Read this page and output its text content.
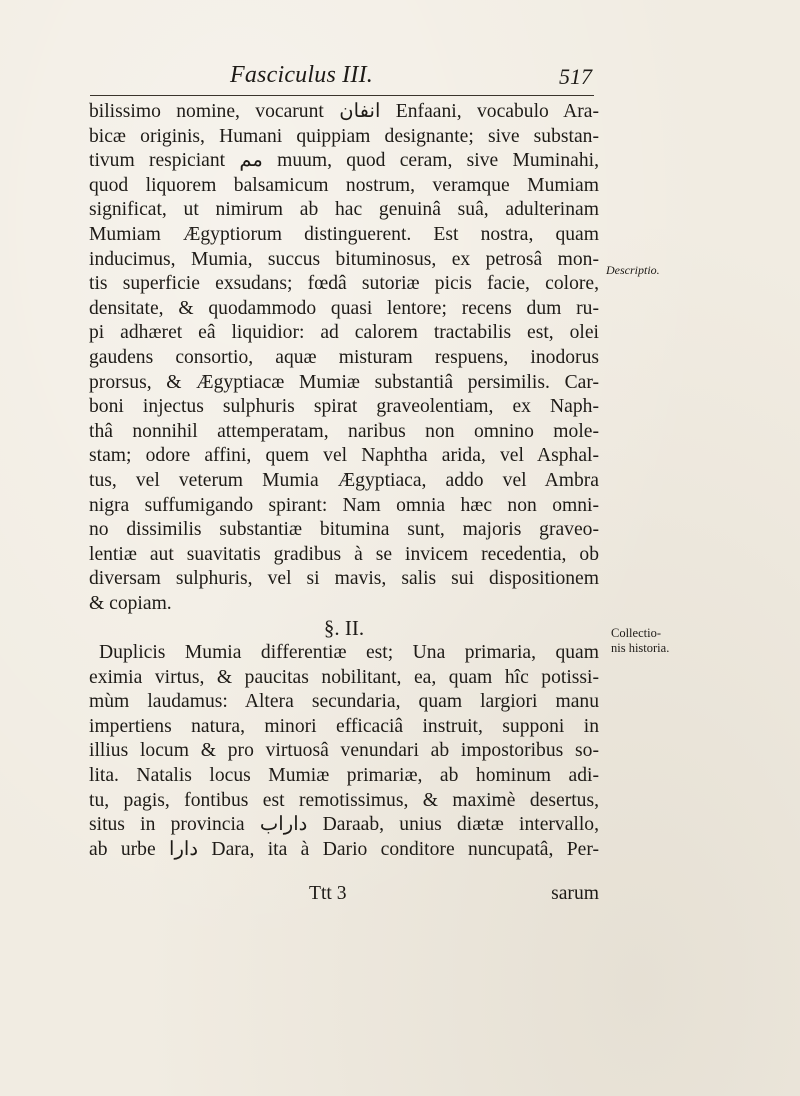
Fasciculus III.	517
bilissimo nomine, vocarunt انفان Enfaani, vocabulo Ara-
bicæ originis, Humani quippiam designante; sive substan-
tivum respiciant مم muum, quod ceram, sive Muminahi,
quod liquorem balsamicum nostrum, veramque Mumiam
significat, ut nimirum ab hac genuinâ suâ, adulterinam
Mumiam Ægyptiorum distinguerent. Est nostra, quam
inducimus, Mumia, succus bituminosus, ex petrosâ mon-
tis superficie exsudans; fœdâ sutoriæ picis facie, colore,
densitate, & quodammodo quasi lentore; recens dum ru-
pi adhæret eâ liquidior: ad calorem tractabilis est, olei
gaudens consortio, aquæ misturam respuens, inodorus
prorsus, & Ægyptiacæ Mumiæ substantiâ persimilis. Car-
boni injectus sulphuris spirat graveolentiam, ex Naph-
thâ nonnihil attemperatam, naribus non omnino mole-
stam; odore affini, quem vel Naphtha arida, vel Asphal-
tus, vel veterum Mumia Ægyptiaca, addo vel Ambra
nigra suffumigando spirant: Nam omnia hæc non omni-
no dissimilis substantiæ bitumina sunt, majoris graveo-
lentiæ aut suavitatis gradibus à se invicem recedentia, ob
diversam sulphuris, vel si mavis, salis sui dispositionem
& copiam.
§. II.
Duplicis Mumia differentiæ est; Una primaria, quam
eximia virtus, & paucitas nobilitant, ea, quam hîc potissi-
mùm laudamus: Altera secundaria, quam largiori manu
impertiens natura, minori efficaciâ instruit, supponi in
illius locum & pro virtuosâ venundari ab impostoribus so-
lita. Natalis locus Mumiæ primariæ, ab hominum adi-
tu, pagis, fontibus est remotissimus, & maximè desertus,
situs in provincia داراب Daraab, unius diætæ intervallo,
ab urbe دارا Dara, ita à Dario conditore nuncupatâ, Per-
Ttt 3	sarum
Descriptio.
Collectio-
nis historia.
